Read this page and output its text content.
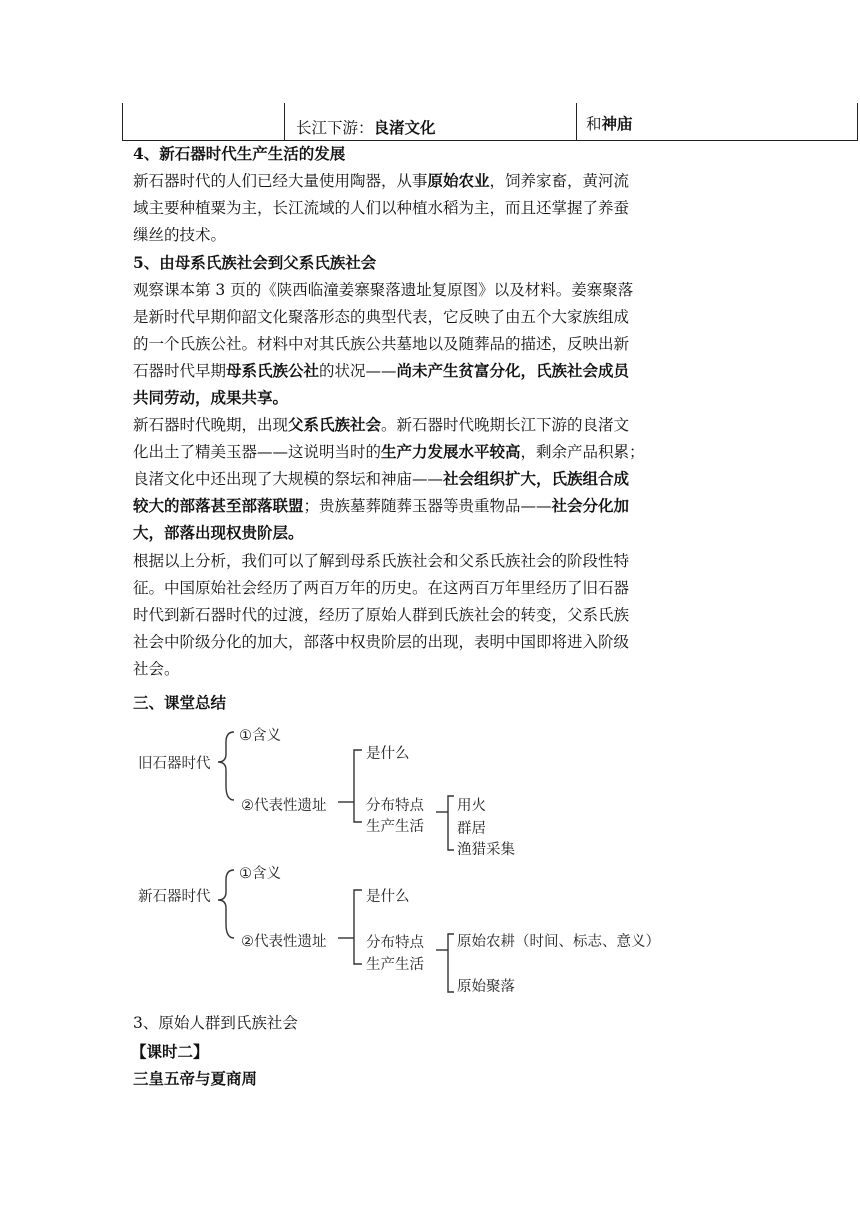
长江下游：良渚文化	和神庙
4、新石器时代生产生活的发展
新石器时代的人们已经大量使用陶器，从事原始农业，饲养家畜，黄河流
域主要种植粟为主，长江流域的人们以种植水稻为主，而且还掌握了养蚕
缫丝的技术。
5、由母系氏族社会到父系氏族社会
观察课本第 3 页的《陕西临潼姜寨聚落遗址复原图》以及材料。姜寨聚落
是新时代早期仰韶文化聚落形态的典型代表，它反映了由五个大家族组成
的一个氏族公社。材料中对其氏族公共墓地以及随葬品的描述，反映出新
石器时代早期母系氏族公社的状况——尚未产生贫富分化，氏族社会成员
共同劳动，成果共享。
新石器时代晚期，出现父系氏族社会。新石器时代晚期长江下游的良渚文
化出土了精美玉器——这说明当时的生产力发展水平较高，剩余产品积累；
良渚文化中还出现了大规模的祭坛和神庙——社会组织扩大，氏族组合成
较大的部落甚至部落联盟；贵族墓葬随葬玉器等贵重物品——社会分化加
大，部落出现权贵阶层。
根据以上分析，我们可以了解到母系氏族社会和父系氏族社会的阶段性特
征。中国原始社会经历了两百万年的历史。在这两百万年里经历了旧石器
时代到新石器时代的过渡，经历了原始人群到氏族社会的转变，父系氏族
社会中阶级分化的加大，部落中权贵阶层的出现，表明中国即将进入阶级
社会。
三、课堂总结
旧石器时代
①含义
②代表性遗址
是什么
分布特点
生产生活
用火
群居
渔猎采集
新石器时代
①含义
②代表性遗址
是什么
分布特点
生产生活
原始农耕（时间、标志、意义）
原始聚落
3、原始人群到氏族社会
【课时二】
三皇五帝与夏商周
